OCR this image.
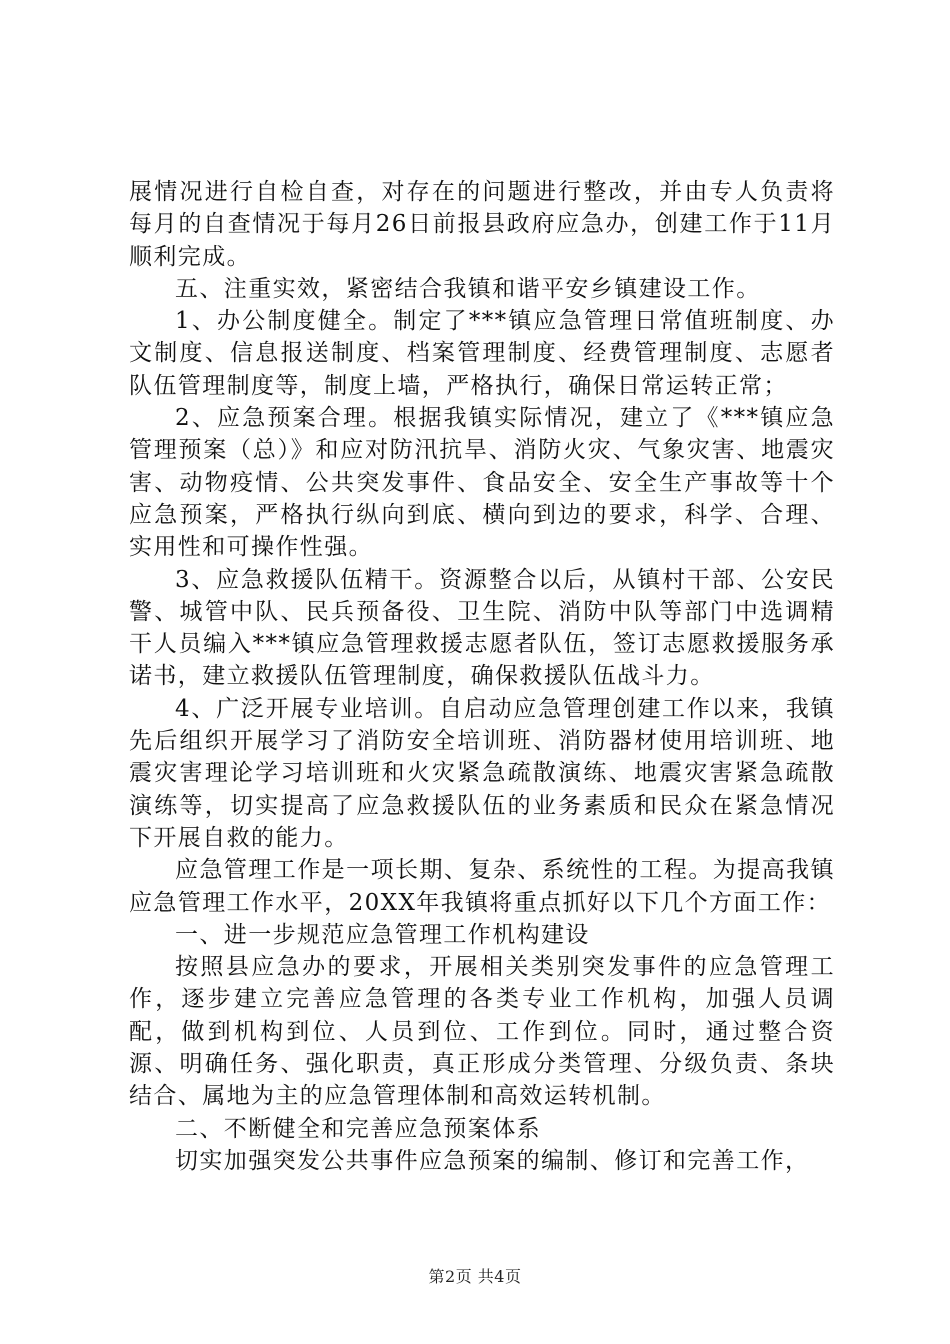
展情况进行自检自查，对存在的问题进行整改，并由专人负责将每月的自查情况于每月26日前报县政府应急办，创建工作于11月顺利完成。

五、注重实效，紧密结合我镇和谐平安乡镇建设工作。

1、办公制度健全。制定了***镇应急管理日常值班制度、办文制度、信息报送制度、档案管理制度、经费管理制度、志愿者队伍管理制度等，制度上墙，严格执行，确保日常运转正常；

2、应急预案合理。根据我镇实际情况，建立了《***镇应急管理预案（总）》和应对防汛抗旱、消防火灾、气象灾害、地震灾害、动物疫情、公共突发事件、食品安全、安全生产事故等十个应急预案，严格执行纵向到底、横向到边的要求，科学、合理、实用性和可操作性强。

3、应急救援队伍精干。资源整合以后，从镇村干部、公安民警、城管中队、民兵预备役、卫生院、消防中队等部门中选调精干人员编入***镇应急管理救援志愿者队伍，签订志愿救援服务承诺书，建立救援队伍管理制度，确保救援队伍战斗力。

4、广泛开展专业培训。自启动应急管理创建工作以来，我镇先后组织开展学习了消防安全培训班、消防器材使用培训班、地震灾害理论学习培训班和火灾紧急疏散演练、地震灾害紧急疏散演练等，切实提高了应急救援队伍的业务素质和民众在紧急情况下开展自救的能力。

应急管理工作是一项长期、复杂、系统性的工程。为提高我镇应急管理工作水平，20XX年我镇将重点抓好以下几个方面工作：

一、进一步规范应急管理工作机构建设

按照县应急办的要求，开展相关类别突发事件的应急管理工作，逐步建立完善应急管理的各类专业工作机构，加强人员调配，做到机构到位、人员到位、工作到位。同时，通过整合资源、明确任务、强化职责，真正形成分类管理、分级负责、条块结合、属地为主的应急管理体制和高效运转机制。

二、不断健全和完善应急预案体系

切实加强突发公共事件应急预案的编制、修订和完善工作，

第2页 共4页
